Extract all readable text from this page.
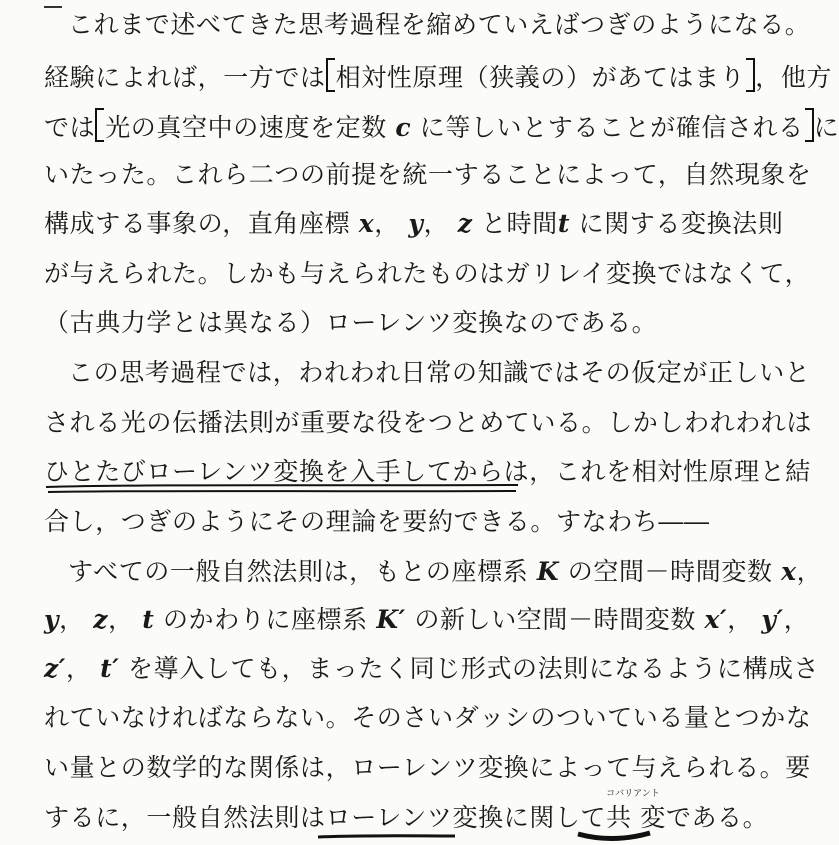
これまで述べてきた思考過程を縮めていえばつぎのようになる。
経験によれば，一方では 相対性原理（狭義の）があてはまり ，他方
では 光の真空中の速度を定数 c に等しいとすることが確信される に
いたった。これら二つの前提を統一することによって，自然現象を
構成する事象の，直角座標 x， y， z と時間t に関する変換法則
が与えられた。しかも与えられたものはガリレイ変換ではなくて，
（古典力学とは異なる）ローレンツ変換なのである。
この思考過程では，われわれ日常の知識ではその仮定が正しいと
される光の伝播法則が重要な役をつとめている。しかしわれわれは
ひとたびローレンツ変換を入手してからは，これを相対性原理と結
合し，つぎのようにその理論を要約できる。すなわち――
すべての一般自然法則は，もとの座標系 K の空間－時間変数 x，
y， z， t のかわりに座標系 K′ の新しい空間－時間変数 x′， y′，
z′， t′ を導入しても，まったく同じ形式の法則になるように構成さ
れていなければならない。そのさいダッシのついている量とつかな
い量との数学的な関係は，ローレンツ変換によって与えられる。要
するに，一般自然法則はローレンツ変換に関して
コバリアント
共 変である。
